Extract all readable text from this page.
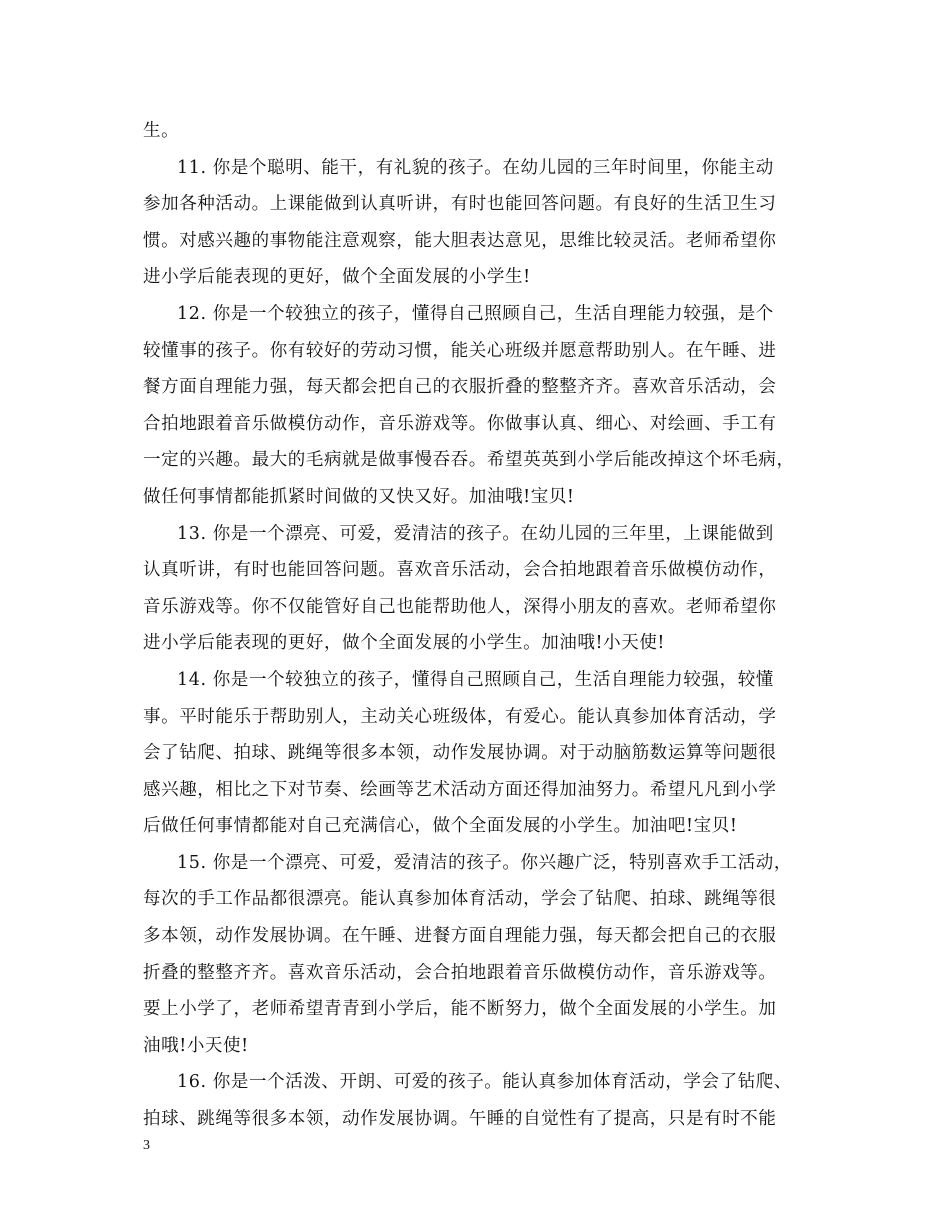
生。
11. 你是个聪明、能干，有礼貌的孩子。在幼儿园的三年时间里，你能主动
参加各种活动。上课能做到认真听讲，有时也能回答问题。有良好的生活卫生习
惯。对感兴趣的事物能注意观察，能大胆表达意见，思维比较灵活。老师希望你
进小学后能表现的更好，做个全面发展的小学生!
12. 你是一个较独立的孩子，懂得自己照顾自己，生活自理能力较强，是个
较懂事的孩子。你有较好的劳动习惯，能关心班级并愿意帮助别人。在午睡、进
餐方面自理能力强，每天都会把自己的衣服折叠的整整齐齐。喜欢音乐活动，会
合拍地跟着音乐做模仿动作，音乐游戏等。你做事认真、细心、对绘画、手工有
一定的兴趣。最大的毛病就是做事慢吞吞。希望英英到小学后能改掉这个坏毛病，
做任何事情都能抓紧时间做的又快又好。加油哦!宝贝!
13. 你是一个漂亮、可爱，爱清洁的孩子。在幼儿园的三年里，上课能做到
认真听讲，有时也能回答问题。喜欢音乐活动，会合拍地跟着音乐做模仿动作，
音乐游戏等。你不仅能管好自己也能帮助他人，深得小朋友的喜欢。老师希望你
进小学后能表现的更好，做个全面发展的小学生。加油哦!小天使!
14. 你是一个较独立的孩子，懂得自己照顾自己，生活自理能力较强，较懂
事。平时能乐于帮助别人，主动关心班级体，有爱心。能认真参加体育活动，学
会了钻爬、拍球、跳绳等很多本领，动作发展协调。对于动脑筋数运算等问题很
感兴趣，相比之下对节奏、绘画等艺术活动方面还得加油努力。希望凡凡到小学
后做任何事情都能对自己充满信心，做个全面发展的小学生。加油吧!宝贝!
15. 你是一个漂亮、可爱，爱清洁的孩子。你兴趣广泛，特别喜欢手工活动，
每次的手工作品都很漂亮。能认真参加体育活动，学会了钻爬、拍球、跳绳等很
多本领，动作发展协调。在午睡、进餐方面自理能力强，每天都会把自己的衣服
折叠的整整齐齐。喜欢音乐活动，会合拍地跟着音乐做模仿动作，音乐游戏等。
要上小学了，老师希望青青到小学后，能不断努力，做个全面发展的小学生。加
油哦!小天使!
16. 你是一个活泼、开朗、可爱的孩子。能认真参加体育活动，学会了钻爬、
拍球、跳绳等很多本领，动作发展协调。午睡的自觉性有了提高，只是有时不能
3
